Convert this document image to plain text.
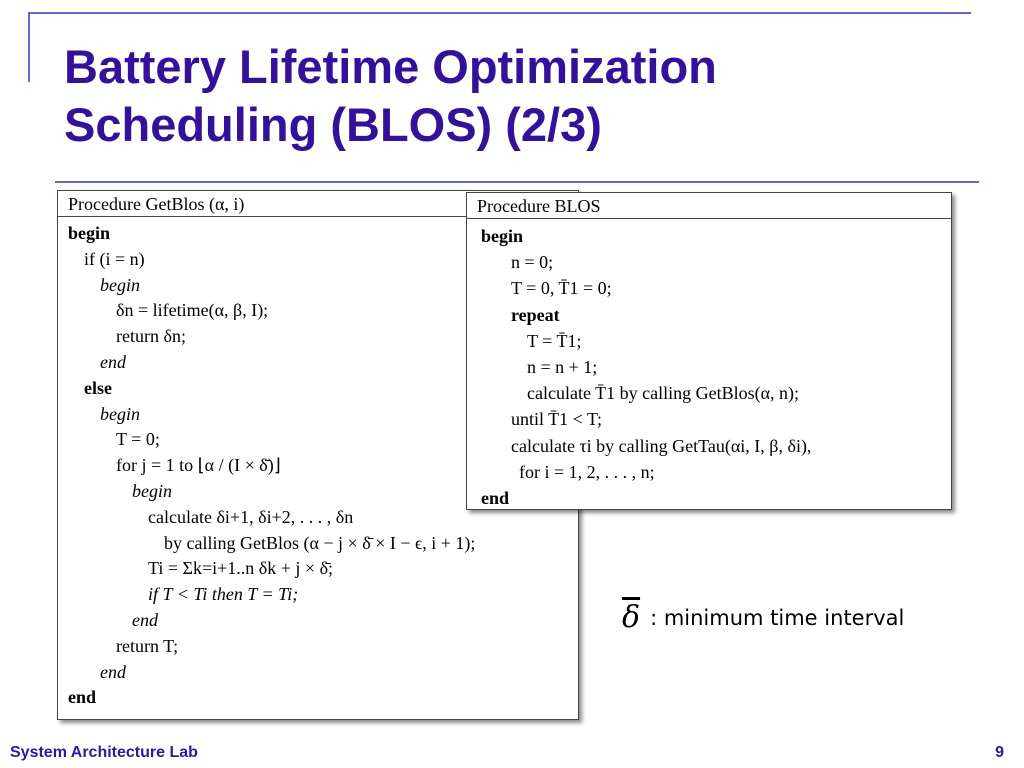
Battery Lifetime Optimization
Scheduling (BLOS) (2/3)
Procedure GetBlos (α, i)
begin
if (i = n)
begin
δn = lifetime(α, β, I);
return δn;
end
else
begin
T = 0;
for j = 1 to ⌊α / (I × δ̄)⌋
begin
calculate δi+1, δi+2, . . . , δn
by calling GetBlos (α − j × δ̄ × I − ϵ, i + 1);
Ti = Σk=i+1..n δk + j × δ̄;
if T < Ti then T = Ti;
end
return T;
end
end
Procedure BLOS
begin
n = 0;
T = 0, T̄1 = 0;
repeat
T = T̄1;
n = n + 1;
calculate T̄1 by calling GetBlos(α, n);
until T̄1 < T;
calculate τi by calling GetTau(αi, I, β, δi),
for i = 1, 2, . . . , n;
end
$\overline{\delta}$ : minimum time interval
System Architecture Lab	9
